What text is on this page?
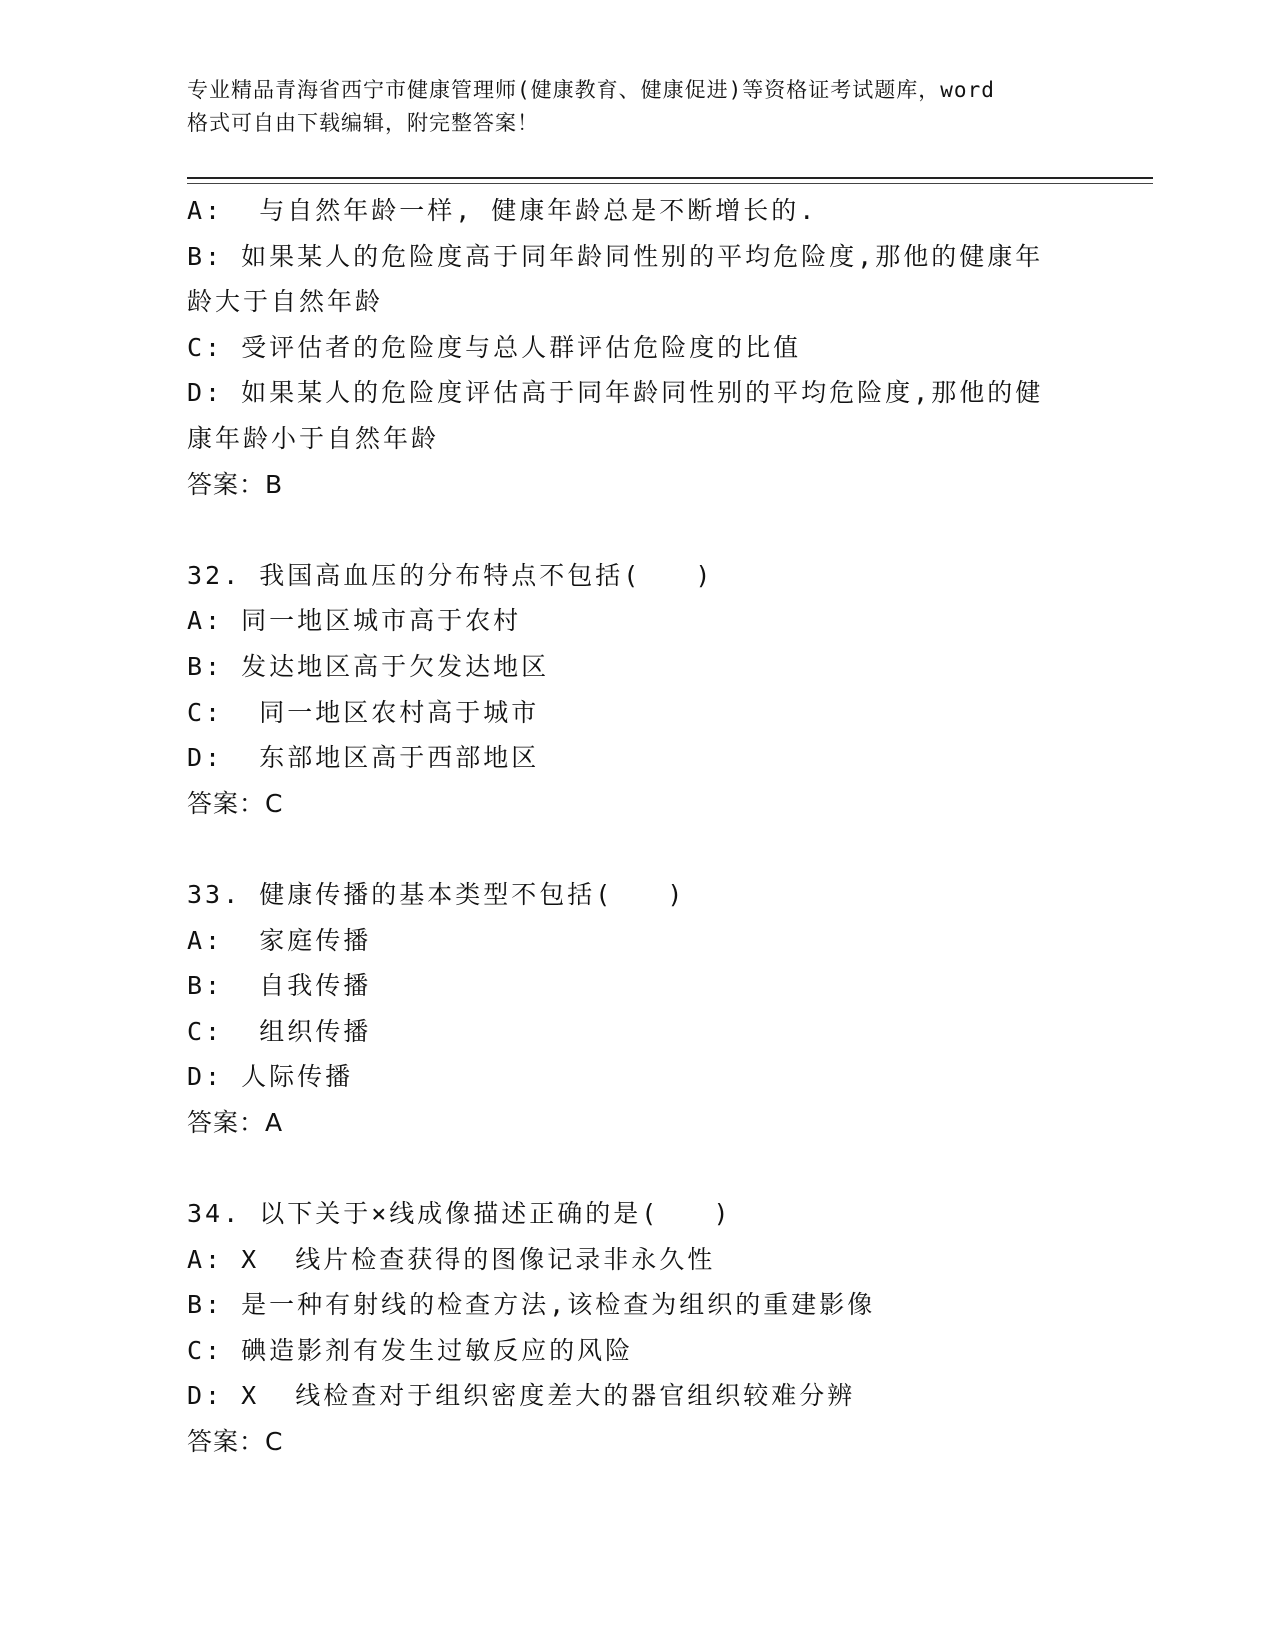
专业精品青海省西宁市健康管理师(健康教育、健康促进)等资格证考试题库，word
格式可自由下载编辑，附完整答案！

A:  与自然年龄一样, 健康年龄总是不断增长的.

B: 如果某人的危险度高于同年龄同性别的平均危险度,那他的健康年

龄大于自然年龄

C: 受评估者的危险度与总人群评估危险度的比值

D: 如果某人的危险度评估高于同年龄同性别的平均危险度,那他的健

康年龄小于自然年龄

答案：B

32. 我国高血压的分布特点不包括(   )

A: 同一地区城市高于农村

B: 发达地区高于欠发达地区

C:  同一地区农村高于城市

D:  东部地区高于西部地区

答案：C

33. 健康传播的基本类型不包括(   )

A:  家庭传播

B:  自我传播

C:  组织传播

D: 人际传播

答案：A

34. 以下关于×线成像描述正确的是(   )

A: X  线片检查获得的图像记录非永久性

B: 是一种有射线的检查方法,该检查为组织的重建影像

C: 碘造影剂有发生过敏反应的风险

D: X  线检查对于组织密度差大的器官组织较难分辨

答案：C
